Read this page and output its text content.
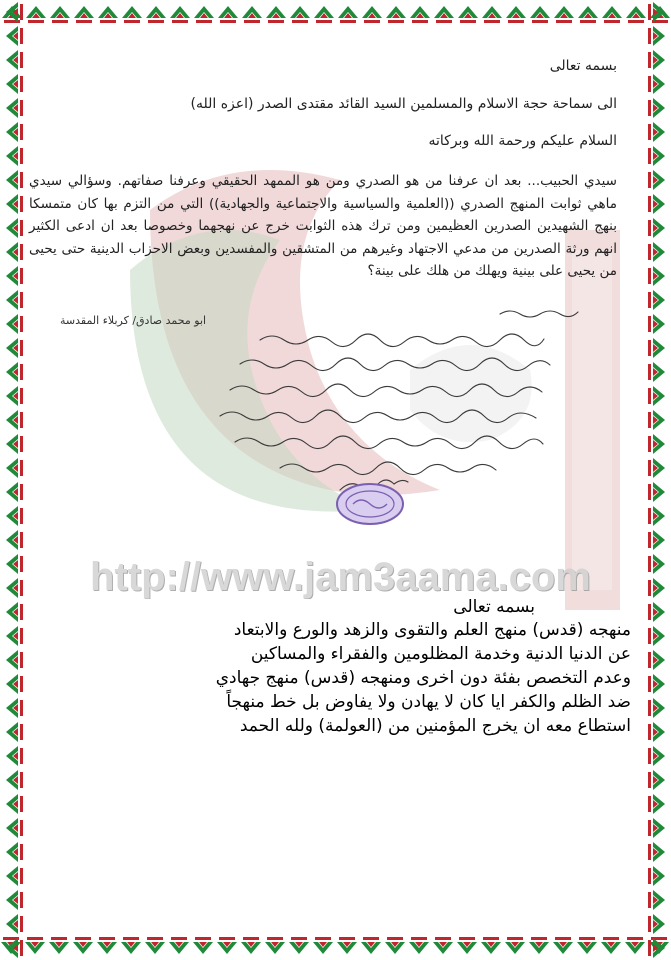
http://www.jam3aama.com
بسمه تعالى
الى سماحة حجة الاسلام والمسلمين السيد القائد مقتدى الصدر (اعزه الله)
السلام عليكم ورحمة الله وبركاته
سيدي الحبيب... بعد ان عرفنا من هو الصدري ومن هو الممهد الحقيقي وعرفنا صفاتهم. وسؤالي سيدي ماهي ثوابت المنهج الصدري ((العلمية والسياسية والاجتماعية والجهادية)) التي من التزم بها كان متمسكا بنهج الشهيدين الصدرين العظيمين ومن ترك هذه الثوابت خرج عن نهجهما وخصوصا بعد ان ادعى الكثير انهم ورثة الصدرين من مدعي الاجتهاد وغيرهم من المتشقين والمفسدين وبعض الاحزاب الدينية حتى يحيى من يحيى على بينية ويهلك من هلك على بينة؟
ابو محمد صادق/ كربلاء المقدسة
بسمه تعالى
منهجه (قدس) منهج العلم والتقوى والزهد والورع والابتعاد
عن الدنيا الدنية وخدمة المظلومين والفقراء والمساكين
وعدم التخصص بفئة دون اخرى ومنهجه (قدس) منهج جهادي
ضد الظلم والكفر ايا كان لا يهادن ولا يفاوض بل خط منهجاً
استطاع معه ان يخرج المؤمنين من (العولمة) ولله الحمد
